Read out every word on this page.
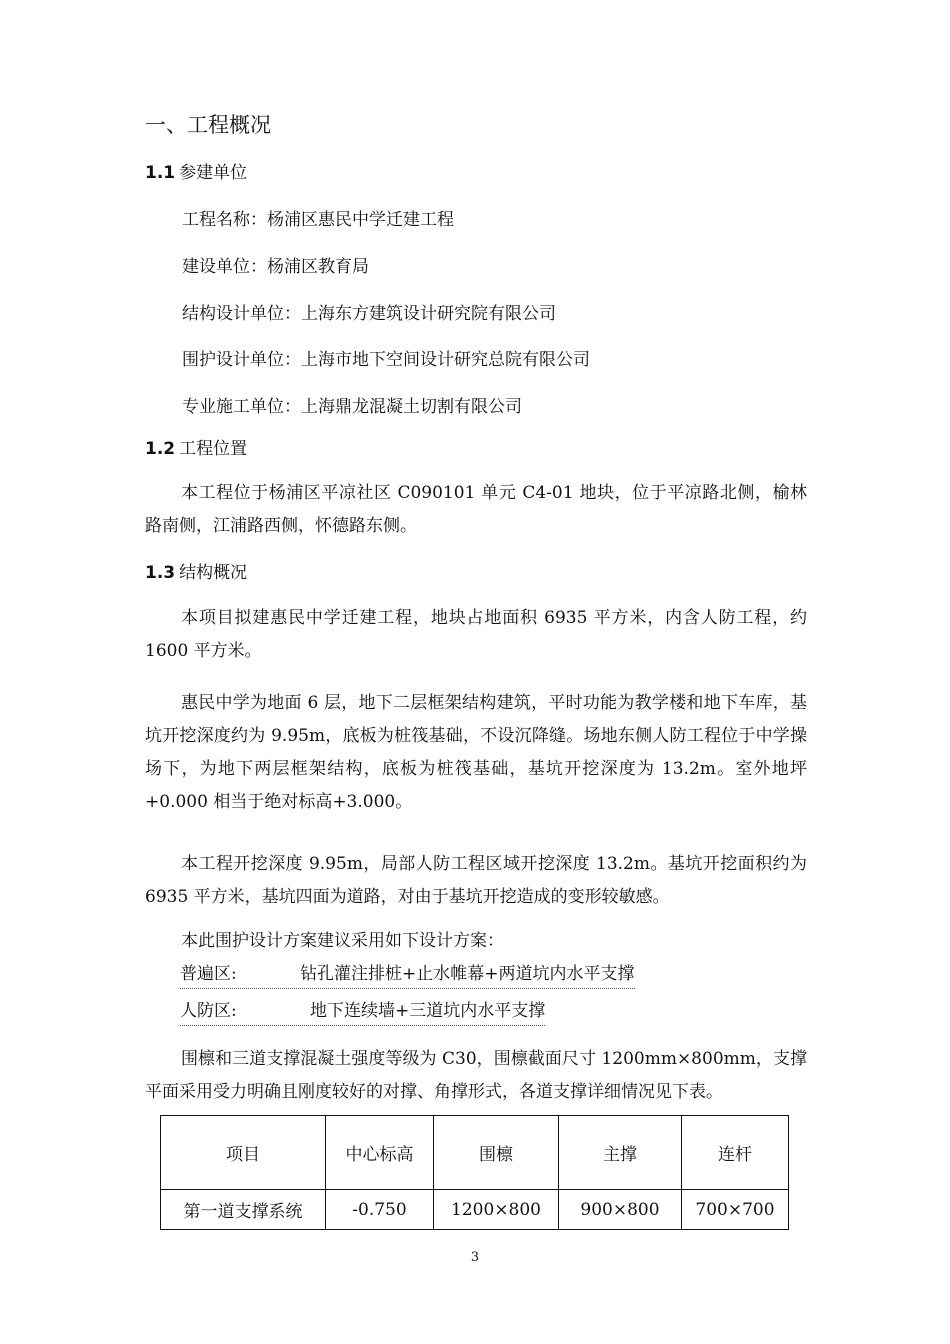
一、工程概况
1.1 参建单位
工程名称：杨浦区惠民中学迁建工程
建设单位：杨浦区教育局
结构设计单位：上海东方建筑设计研究院有限公司
围护设计单位：上海市地下空间设计研究总院有限公司
专业施工单位：上海鼎龙混凝土切割有限公司
1.2 工程位置
本工程位于杨浦区平凉社区 C090101 单元 C4-01 地块，位于平凉路北侧，榆林路南侧，江浦路西侧，怀德路东侧。
1.3 结构概况
本项目拟建惠民中学迁建工程，地块占地面积 6935 平方米，内含人防工程，约 1600 平方米。
惠民中学为地面 6 层，地下二层框架结构建筑，平时功能为教学楼和地下车库，基坑开挖深度约为 9.95m，底板为桩筏基础，不设沉降缝。场地东侧人防工程位于中学操场下，为地下两层框架结构，底板为桩筏基础，基坑开挖深度为 13.2m。室外地坪+0.000 相当于绝对标高+3.000。
本工程开挖深度 9.95m，局部人防工程区域开挖深度 13.2m。基坑开挖面积约为 6935 平方米，基坑四面为道路，对由于基坑开挖造成的变形较敏感。
本此围护设计方案建议采用如下设计方案：
普遍区:	钻孔灌注排桩+止水帷幕+两道坑内水平支撑
人防区:	地下连续墙+三道坑内水平支撑
围檩和三道支撑混凝土强度等级为 C30，围檩截面尺寸 1200mm×800mm，支撑平面采用受力明确且刚度较好的对撑、角撑形式，各道支撑详细情况见下表。
项目	中心标高	围檩	主撑	连杆
第一道支撑系统	-0.750	1200×800	900×800	700×700
3
